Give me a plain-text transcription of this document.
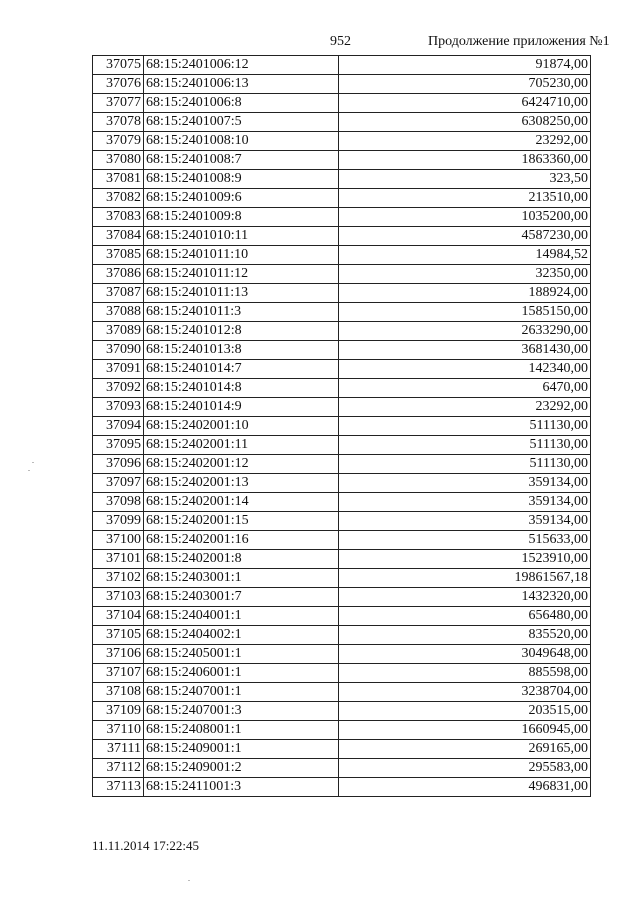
952	Продолжение приложения №1
37075	68:15:2401006:12	91874,00
37076	68:15:2401006:13	705230,00
37077	68:15:2401006:8	6424710,00
37078	68:15:2401007:5	6308250,00
37079	68:15:2401008:10	23292,00
37080	68:15:2401008:7	1863360,00
37081	68:15:2401008:9	323,50
37082	68:15:2401009:6	213510,00
37083	68:15:2401009:8	1035200,00
37084	68:15:2401010:11	4587230,00
37085	68:15:2401011:10	14984,52
37086	68:15:2401011:12	32350,00
37087	68:15:2401011:13	188924,00
37088	68:15:2401011:3	1585150,00
37089	68:15:2401012:8	2633290,00
37090	68:15:2401013:8	3681430,00
37091	68:15:2401014:7	142340,00
37092	68:15:2401014:8	6470,00
37093	68:15:2401014:9	23292,00
37094	68:15:2402001:10	511130,00
37095	68:15:2402001:11	511130,00
37096	68:15:2402001:12	511130,00
37097	68:15:2402001:13	359134,00
37098	68:15:2402001:14	359134,00
37099	68:15:2402001:15	359134,00
37100	68:15:2402001:16	515633,00
37101	68:15:2402001:8	1523910,00
37102	68:15:2403001:1	19861567,18
37103	68:15:2403001:7	1432320,00
37104	68:15:2404001:1	656480,00
37105	68:15:2404002:1	835520,00
37106	68:15:2405001:1	3049648,00
37107	68:15:2406001:1	885598,00
37108	68:15:2407001:1	3238704,00
37109	68:15:2407001:3	203515,00
37110	68:15:2408001:1	1660945,00
37111	68:15:2409001:1	269165,00
37112	68:15:2409001:2	295583,00
37113	68:15:2411001:3	496831,00
11.11.2014 17:22:45
